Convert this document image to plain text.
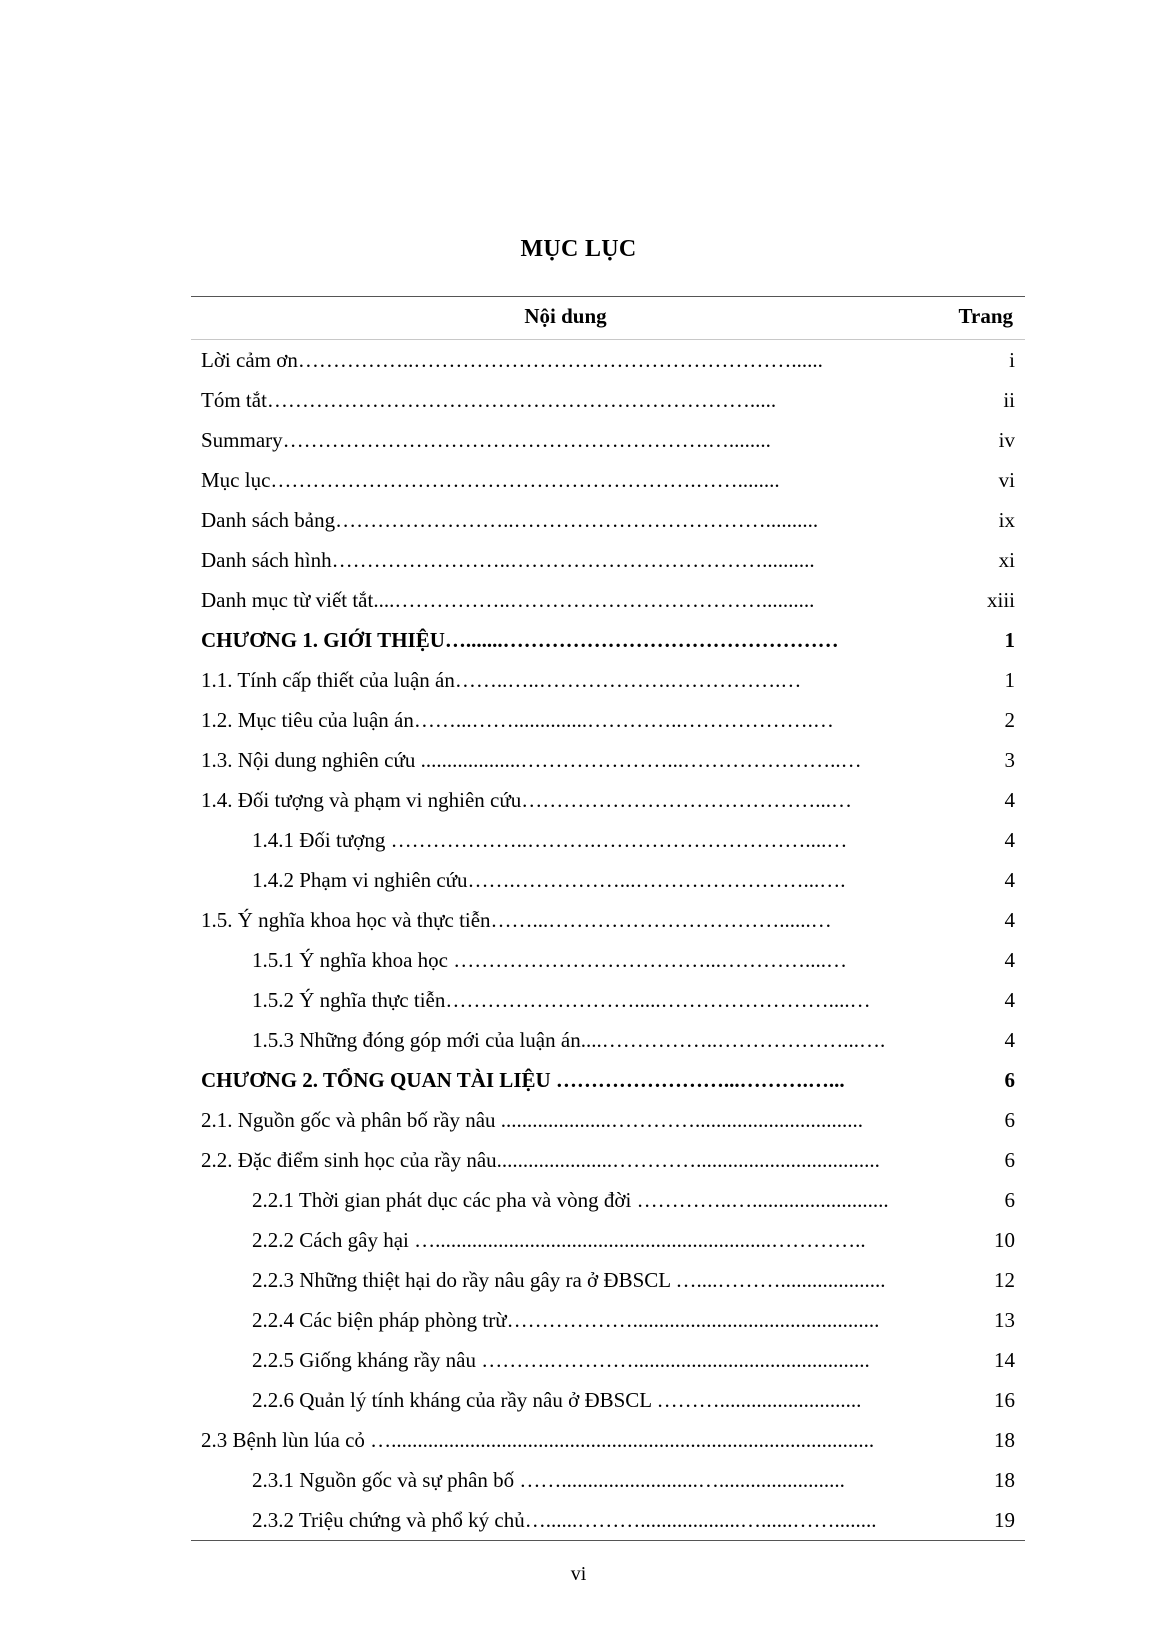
MỤC LỤC
Nội dung	Trang
Lời cảm ơn……………..………………………………………………......	i
Tóm tắt…………………………………………………………….....	ii
Summary…………………………………………………….…........	iv
Mục lục…………………………………………………….……........	vi
Danh sách bảng……………………..………………………………..........	ix
Danh sách hình……………………..………………………………..........	xi
Danh mục từ viết tắt....……………..………………………………..........	xiii
CHƯƠNG 1. GIỚI THIỆU….......…………………………………………	1
1.1. Tính cấp thiết của luận án……..…..……………….…………….…	1
1.2. Mục tiêu của luận án……...……..............…………..……………….…	2
1.3. Nội dung nghiên cứu ...................…………………...…………………..…	3
1.4. Đối tượng và phạm vi nghiên cứu……………………………………...…	4
1.4.1 Đối tượng ………………..……….…………………………....…	4
1.4.2 Phạm vi nghiên cứu…….……………...……………………...….	4
1.5. Ý nghĩa khoa học và thực tiễn……...……………………………......…	4
1.5.1 Ý nghĩa khoa học ………………………………...…………....…	4
1.5.2 Ý nghĩa thực tiễn……………………….....……………………....…	4
1.5.3 Những đóng góp mới của luận án....……………..………………...….	4
CHƯƠNG 2. TỔNG QUAN TÀI LIỆU ……………………...……….…...	6
2.1. Nguồn gốc và phân bố rầy nâu .....................…………................................	6
2.2. Đặc điểm sinh học của rầy nâu......................…………...................................	6
2.2.1 Thời gian phát dục các pha và vòng đời …………..…..........................	6
2.2.2 Cách gây hại …................................................................…………..	10
2.2.3 Những thiệt hại do rầy nâu gây ra ở ĐBSCL …....………....................	12
2.2.4 Các biện pháp phòng trừ………………...............................................	13
2.2.5 Giống kháng rầy nâu ……….………….............................................	14
2.2.6 Quản lý tính kháng của rầy nâu ở ĐBSCL ………...........................	16
2.3 Bệnh lùn lúa cỏ …............................................................................................	18
2.3.1 Nguồn gốc và sự phân bố ……..........................…........................	18
2.3.2 Triệu chứng và phổ ký chủ…......………...................…......……........	19
vi
